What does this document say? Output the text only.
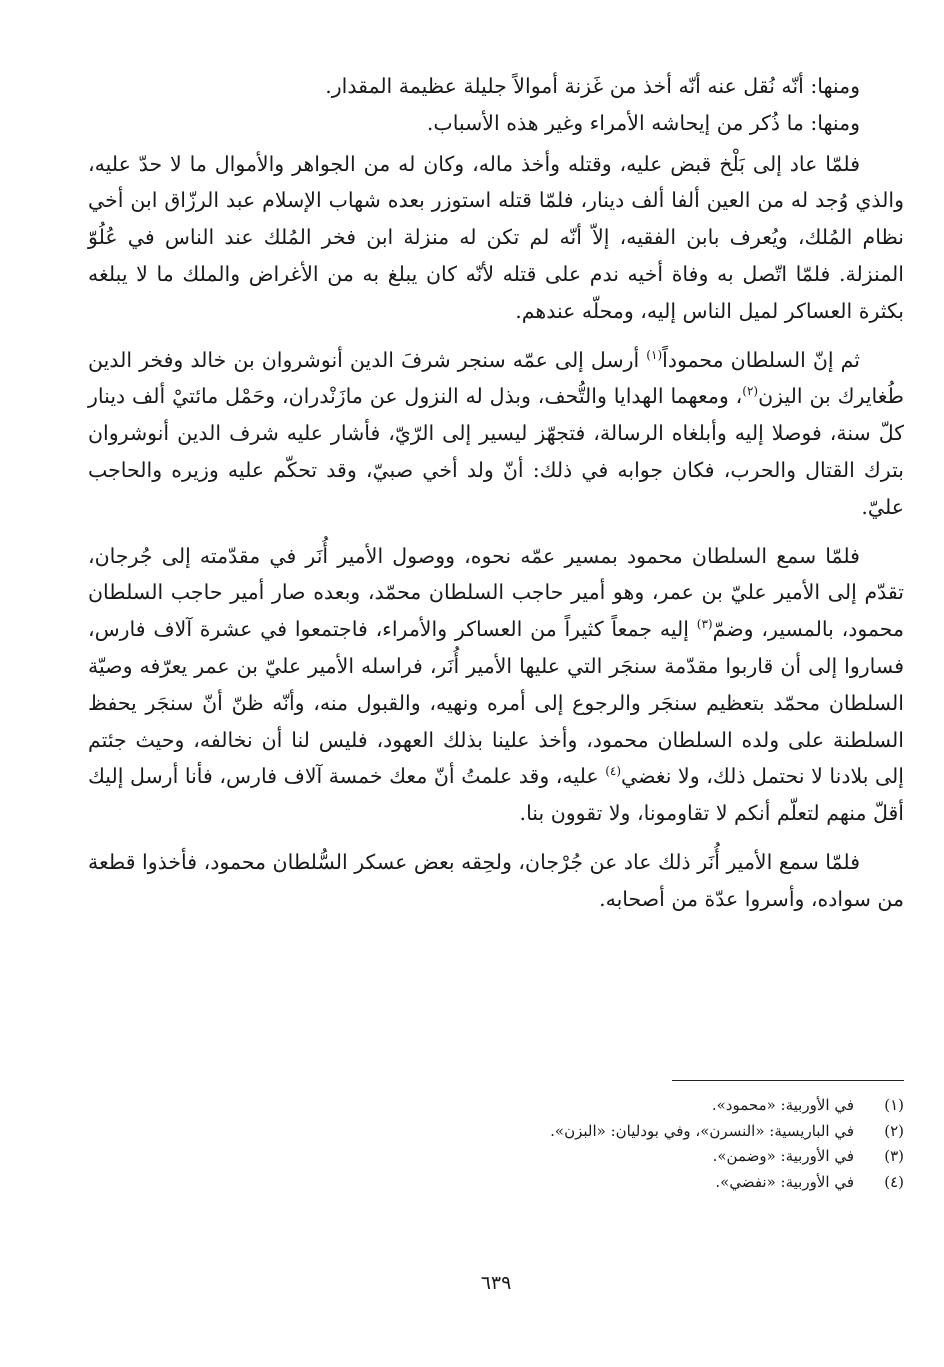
ومنها: أنّه نُقل عنه أنّه أخذ من غَزنة أموالاً جليلة عظيمة المقدار.

ومنها: ما ذُكر من إيحاشه الأمراء وغير هذه الأسباب.

فلمّا عاد إلى بَلْخ قبض عليه، وقتله وأخذ ماله، وكان له من الجواهر والأموال ما لا حدّ عليه، والذي وُجد له من العين ألفا ألف دينار، فلمّا قتله استوزر بعده شهاب الإسلام عبد الرزّاق ابن أخي نظام المُلك، ويُعرف بابن الفقيه، إلاّ أنّه لم تكن له منزلة ابن فخر المُلك عند الناس في عُلُوّ المنزلة. فلمّا اتّصل به وفاة أخيه ندم على قتله لأنّه كان يبلغ به من الأغراض والملك ما لا يبلغه بكثرة العساكر لميل الناس إليه، ومحلّه عندهم.

ثم إنّ السلطان محموداً$^{(١)}$ أرسل إلى عمّه سنجر شرفَ الدين أنوشروان بن خالد وفخر الدين طُغايرك بن اليزن$^{(٢)}$، ومعهما الهدايا والتُّحف، وبذل له النزول عن مازَنْدران، وحَمْل مائتيْ ألف دينار كلّ سنة، فوصلا إليه وأبلغاه الرسالة، فتجهّز ليسير إلى الرّيّ، فأشار عليه شرف الدين أنوشروان بترك القتال والحرب، فكان جوابه في ذلك: أنّ ولد أخي صبيّ، وقد تحكّم عليه وزيره والحاجب عليّ.

فلمّا سمع السلطان محمود بمسير عمّه نحوه، ووصول الأمير أُنَر في مقدّمته إلى جُرجان، تقدّم إلى الأمير عليّ بن عمر، وهو أمير حاجب السلطان محمّد، وبعده صار أمير حاجب السلطان محمود، بالمسير، وضمّ$^{(٣)}$ إليه جمعاً كثيراً من العساكر والأمراء، فاجتمعوا في عشرة آلاف فارس، فساروا إلى أن قاربوا مقدّمة سنجَر التي عليها الأمير أُنَر، فراسله الأمير عليّ بن عمر يعرّفه وصيّة السلطان محمّد بتعظيم سنجَر والرجوع إلى أمره ونهيه، والقبول منه، وأنّه ظنّ أنّ سنجَر يحفظ السلطنة على ولده السلطان محمود، وأخذ علينا بذلك العهود، فليس لنا أن نخالفه، وحيث جئتم إلى بلادنا لا نحتمل ذلك، ولا نغضي$^{(٤)}$ عليه، وقد علمتُ أنّ معك خمسة آلاف فارس، فأنا أرسل إليك أقلّ منهم لتعلّم أنكم لا تقاومونا، ولا تقوون بنا.

فلمّا سمع الأمير أُنَر ذلك عاد عن جُرْجان، ولحِقه بعض عسكر السُّلطان محمود، فأخذوا قطعة من سواده، وأسروا عدّة من أصحابه.

(١)
في الأوربية: «محمود».
(٢)
في الباريسية: «النسرن»، وفي بودليان: «البزن».
(٣)
في الأوربية: «وضمن».
(٤)
في الأوربية: «نفضي».
٦٣٩
